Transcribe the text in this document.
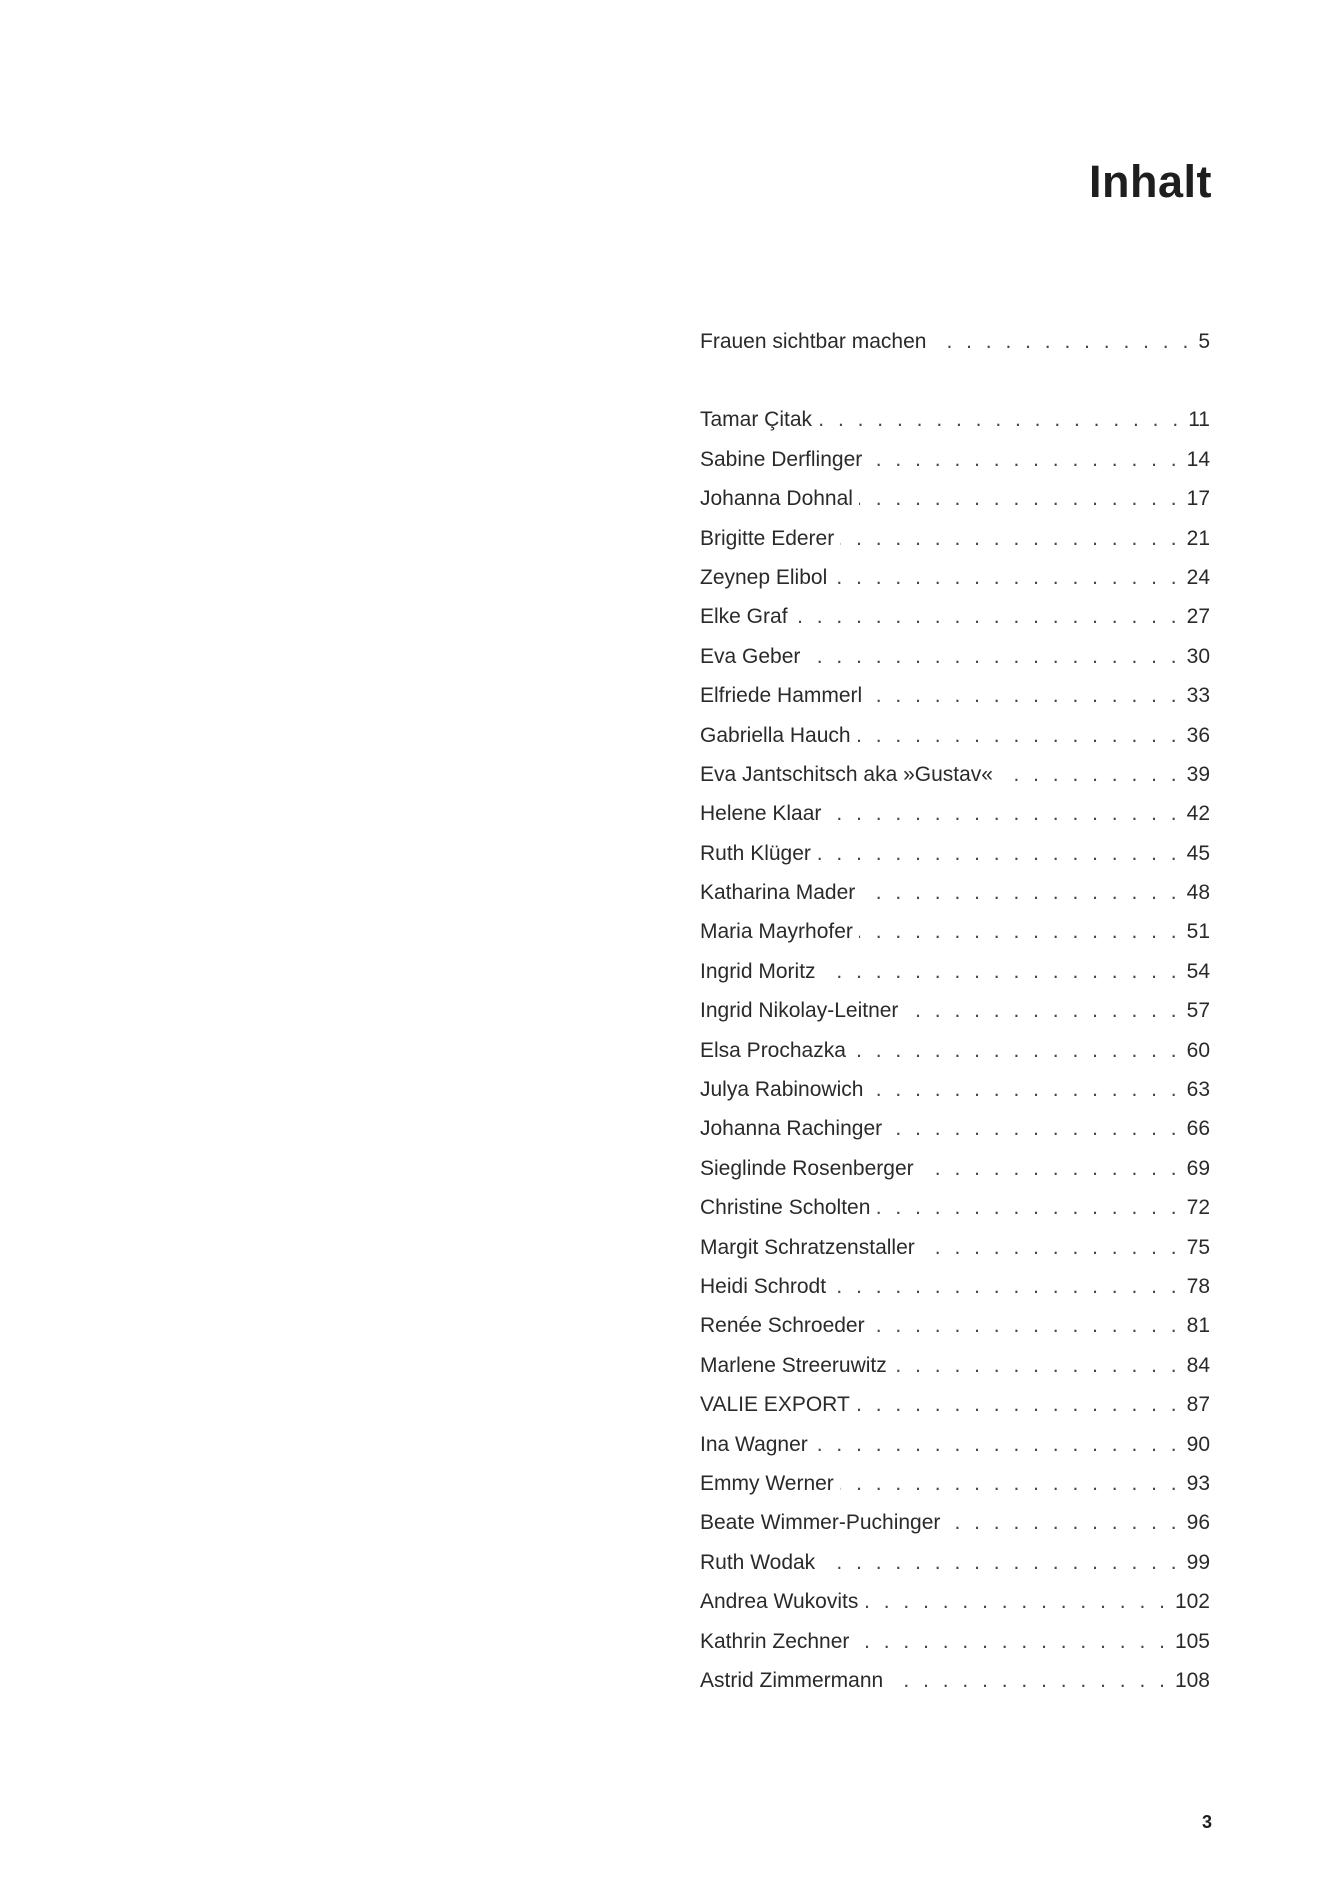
Inhalt
Frauen sichtbar machen . . .	5
Tamar Çitak . . .	11
Sabine Derflinger . . .	14
Johanna Dohnal . . .	17
Brigitte Ederer . . .	21
Zeynep Elibol . . .	24
Elke Graf . . .	27
Eva Geber . . .	30
Elfriede Hammerl . . .	33
Gabriella Hauch . . .	36
Eva Jantschitsch aka »Gustav« . . .	39
Helene Klaar . . .	42
Ruth Klüger . . .	45
Katharina Mader . . .	48
Maria Mayrhofer . . .	51
Ingrid Moritz . . .	54
Ingrid Nikolay-Leitner . . .	57
Elsa Prochazka . . .	60
Julya Rabinowich . . .	63
Johanna Rachinger . . .	66
Sieglinde Rosenberger . . .	69
Christine Scholten . . .	72
Margit Schratzenstaller . . .	75
Heidi Schrodt . . .	78
Renée Schroeder . . .	81
Marlene Streeruwitz . . .	84
VALIE EXPORT . . .	87
Ina Wagner . . .	90
Emmy Werner . . .	93
Beate Wimmer-Puchinger . . .	96
Ruth Wodak . . .	99
Andrea Wukovits . . .	102
Kathrin Zechner . . .	105
Astrid Zimmermann . . .	108
3
